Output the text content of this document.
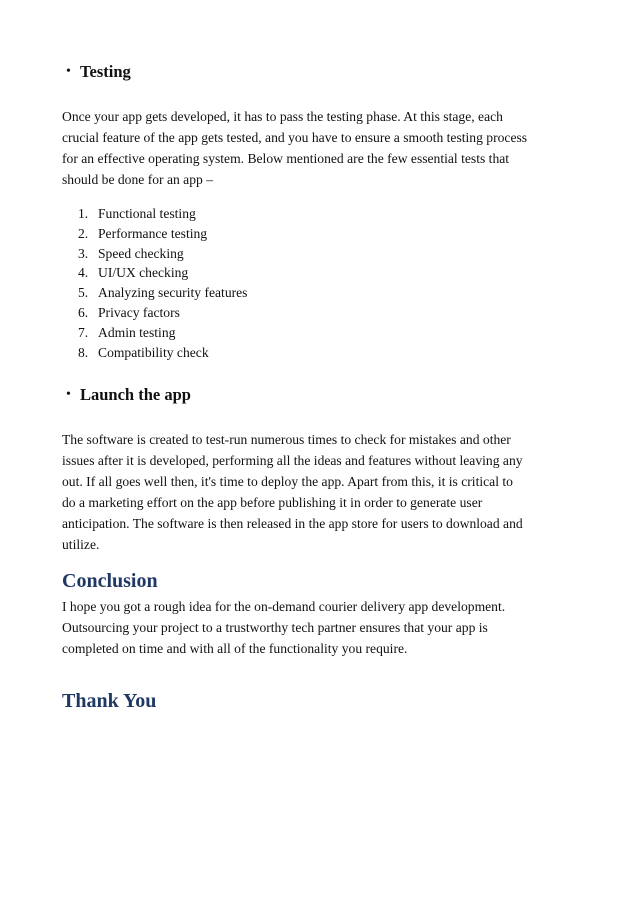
• Testing
Once your app gets developed, it has to pass the testing phase. At this stage, each
crucial feature of the app gets tested, and you have to ensure a smooth testing process
for an effective operating system. Below mentioned are the few essential tests that
should be done for an app –
1. Functional testing
2. Performance testing
3. Speed checking
4. UI/UX checking
5. Analyzing security features
6. Privacy factors
7. Admin testing
8. Compatibility check
• Launch the app
The software is created to test-run numerous times to check for mistakes and other
issues after it is developed, performing all the ideas and features without leaving any
out. If all goes well then, it's time to deploy the app. Apart from this, it is critical to
do a marketing effort on the app before publishing it in order to generate user
anticipation. The software is then released in the app store for users to download and
utilize.
Conclusion
I hope you got a rough idea for the on-demand courier delivery app development.
Outsourcing your project to a trustworthy tech partner ensures that your app is
completed on time and with all of the functionality you require.
Thank You
